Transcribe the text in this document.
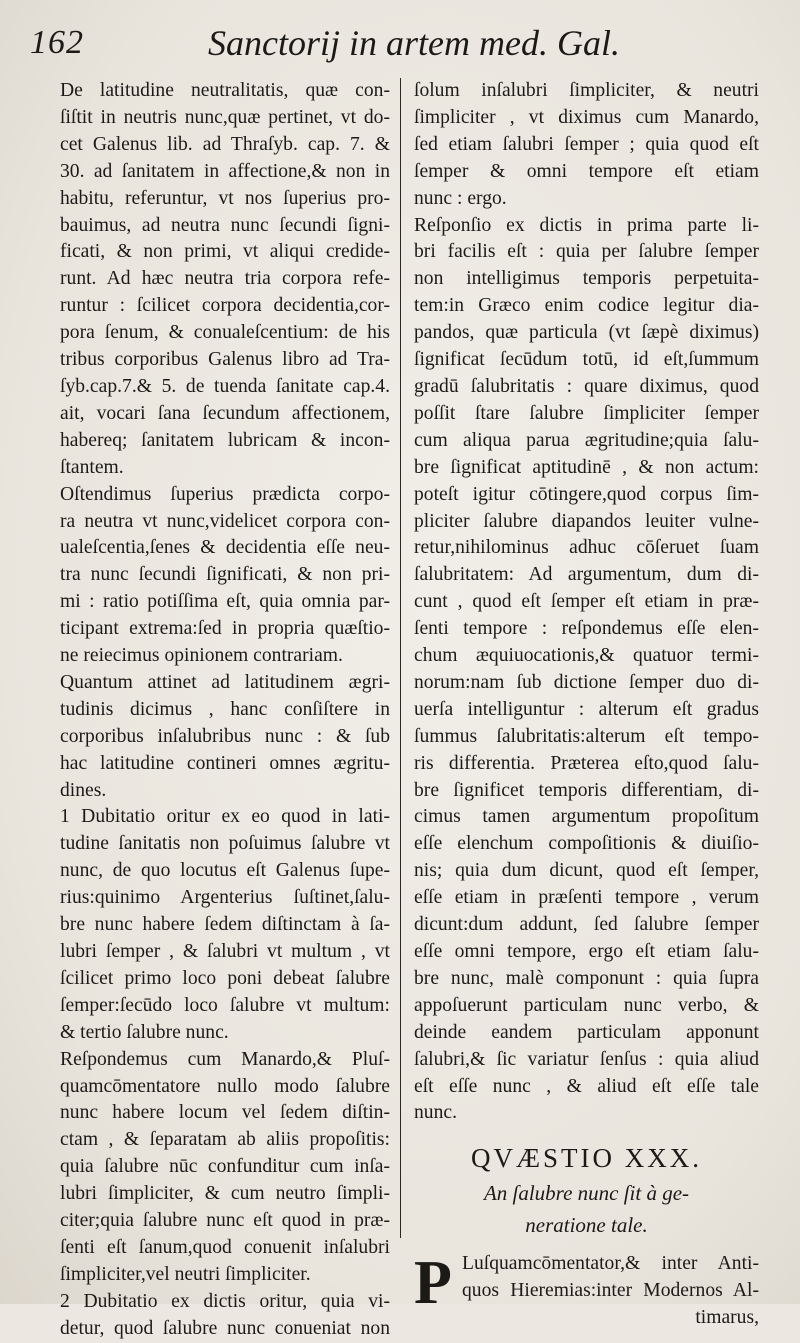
162	Sanctorij in artem med. Gal.
De latitudine neutralitatis, quæ con-
ſiſtit in neutris nunc,quæ pertinet, vt do-
cet Galenus lib. ad Thraſyb. cap. 7. &
30. ad ſanitatem in affectione,& non in
habitu, referuntur, vt nos ſuperius pro-
bauimus, ad neutra nunc ſecundi ſigni-
ficati, & non primi, vt aliqui credide-
runt. Ad hæc neutra tria corpora refe-
runtur : ſcilicet corpora decidentia,cor-
pora ſenum, & conualeſcentium: de his
tribus corporibus Galenus libro ad Tra-
ſyb.cap.7.& 5. de tuenda ſanitate cap.4.
ait, vocari ſana ſecundum affectionem,
habereq; ſanitatem lubricam & incon-
ſtantem.
Oſtendimus ſuperius prædicta corpo-
ra neutra vt nunc,videlicet corpora con-
ualeſcentia,ſenes & decidentia eſſe neu-
tra nunc ſecundi ſignificati, & non pri-
mi : ratio potiſſima eſt, quia omnia par-
ticipant extrema:ſed in propria quæſtio-
ne reiecimus opinionem contrariam.
Quantum attinet ad latitudinem ægri-
tudinis dicimus , hanc conſiſtere in
corporibus inſalubribus nunc : & ſub
hac latitudine contineri omnes ægritu-
dines.
1 Dubitatio oritur ex eo quod in lati-
tudine ſanitatis non poſuimus ſalubre vt
nunc, de quo locutus eſt Galenus ſupe-
rius:quinimo Argenterius ſuſtinet,ſalu-
bre nunc habere ſedem diſtinctam à ſa-
lubri ſemper , & ſalubri vt multum , vt
ſcilicet primo loco poni debeat ſalubre
ſemper:ſecūdo loco ſalubre vt multum:
& tertio ſalubre nunc.
Reſpondemus cum Manardo,& Pluſ-
quamcōmentatore nullo modo ſalubre
nunc habere locum vel ſedem diſtin-
ctam , & ſeparatam ab aliis propoſitis:
quia ſalubre nūc confunditur cum inſa-
lubri ſimpliciter, & cum neutro ſimpli-
citer;quia ſalubre nunc eſt quod in præ-
ſenti eſt ſanum,quod conuenit inſalubri
ſimpliciter,vel neutri ſimpliciter.
2 Dubitatio ex dictis oritur, quia vi-
detur, quod ſalubre nunc conueniat non
ſolum inſalubri ſimpliciter, & neutri
ſimpliciter , vt diximus cum Manardo,
ſed etiam ſalubri ſemper ; quia quod eſt
ſemper & omni tempore eſt etiam
nunc : ergo.
Reſponſio ex dictis in prima parte li-
bri facilis eſt : quia per ſalubre ſemper
non intelligimus temporis perpetuita-
tem:in Græco enim codice legitur dia-
pandos, quæ particula (vt ſæpè diximus)
ſignificat ſecūdum totū, id eſt,ſummum
gradū ſalubritatis : quare diximus, quod
poſſit ſtare ſalubre ſimpliciter ſemper
cum aliqua parua ægritudine;quia ſalu-
bre ſignificat aptitudinē , & non actum:
poteſt igitur cōtingere,quod corpus ſim-
pliciter ſalubre diapandos leuiter vulne-
retur,nihilominus adhuc cōſeruet ſuam
ſalubritatem: Ad argumentum, dum di-
cunt , quod eſt ſemper eſt etiam in præ-
ſenti tempore : reſpondemus eſſe elen-
chum æquiuocationis,& quatuor termi-
norum:nam ſub dictione ſemper duo di-
uerſa intelliguntur : alterum eſt gradus
ſummus ſalubritatis:alterum eſt tempo-
ris differentia. Præterea eſto,quod ſalu-
bre ſignificet temporis differentiam, di-
cimus tamen argumentum propoſitum
eſſe elenchum compoſitionis & diuiſio-
nis; quia dum dicunt, quod eſt ſemper,
eſſe etiam in præſenti tempore , verum
dicunt:dum addunt, ſed ſalubre ſemper
eſſe omni tempore, ergo eſt etiam ſalu-
bre nunc, malè componunt : quia ſupra
appoſuerunt particulam nunc verbo, &
deinde eandem particulam apponunt
ſalubri,& ſic variatur ſenſus : quia aliud
eſt eſſe nunc , & aliud eſt eſſe tale
nunc.
QVÆSTIO XXX.
An ſalubre nunc ſit à ge-
neratione tale.
P Luſquamcōmentator,& inter Anti-
quos Hieremias:inter Modernos Al-
timarus,
